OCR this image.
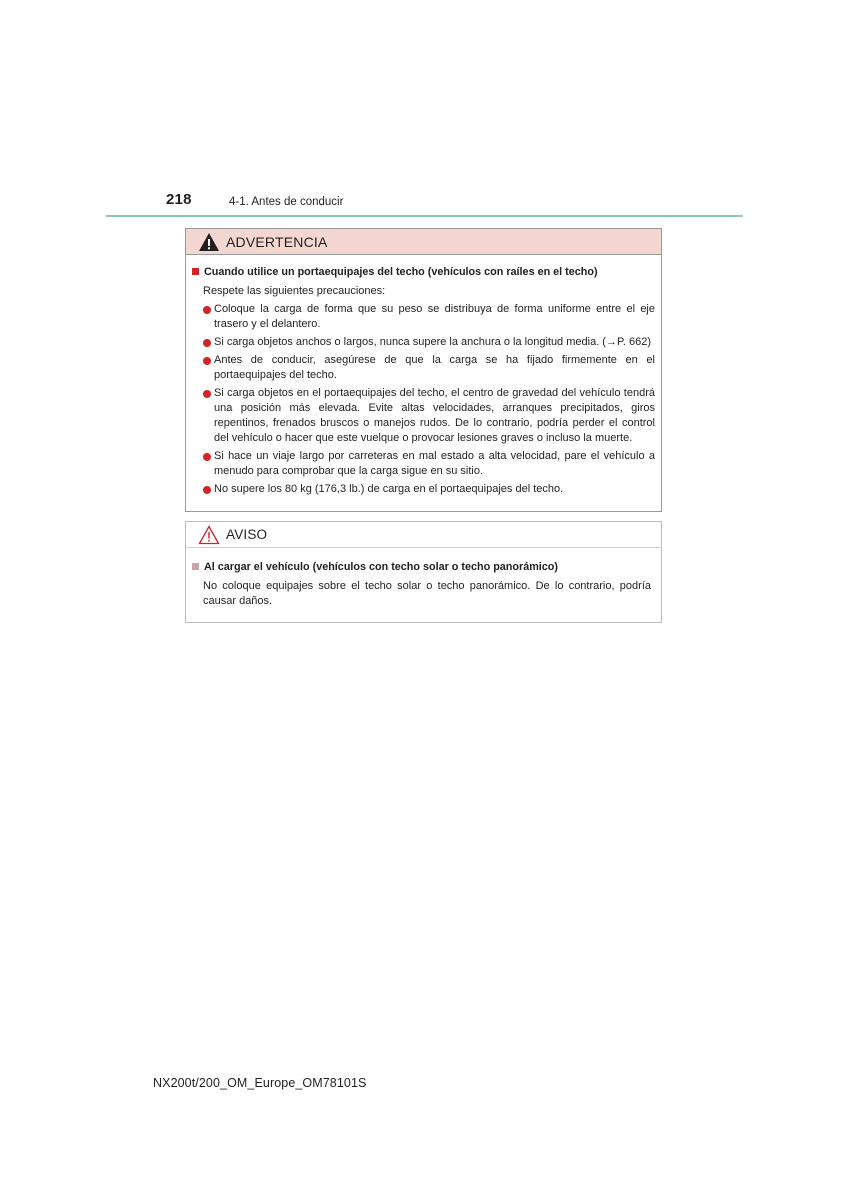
218	4-1. Antes de conducir
ADVERTENCIA
Cuando utilice un portaequipajes del techo (vehículos con raíles en el techo)
Respete las siguientes precauciones:
Coloque la carga de forma que su peso se distribuya de forma uniforme entre el eje trasero y el delantero.
Si carga objetos anchos o largos, nunca supere la anchura o la longitud media. (→P. 662)
Antes de conducir, asegúrese de que la carga se ha fijado firmemente en el portaequipajes del techo.
Si carga objetos en el portaequipajes del techo, el centro de gravedad del vehículo tendrá una posición más elevada. Evite altas velocidades, arranques precipitados, giros repentinos, frenados bruscos o manejos rudos. De lo contrario, podría perder el control del vehículo o hacer que este vuelque o provocar lesiones graves o incluso la muerte.
Si hace un viaje largo por carreteras en mal estado a alta velocidad, pare el vehículo a menudo para comprobar que la carga sigue en su sitio.
No supere los 80 kg (176,3 lb.) de carga en el portaequipajes del techo.
AVISO
Al cargar el vehículo (vehículos con techo solar o techo panorámico)
No coloque equipajes sobre el techo solar o techo panorámico. De lo contrario, podría causar daños.
NX200t/200_OM_Europe_OM78101S
